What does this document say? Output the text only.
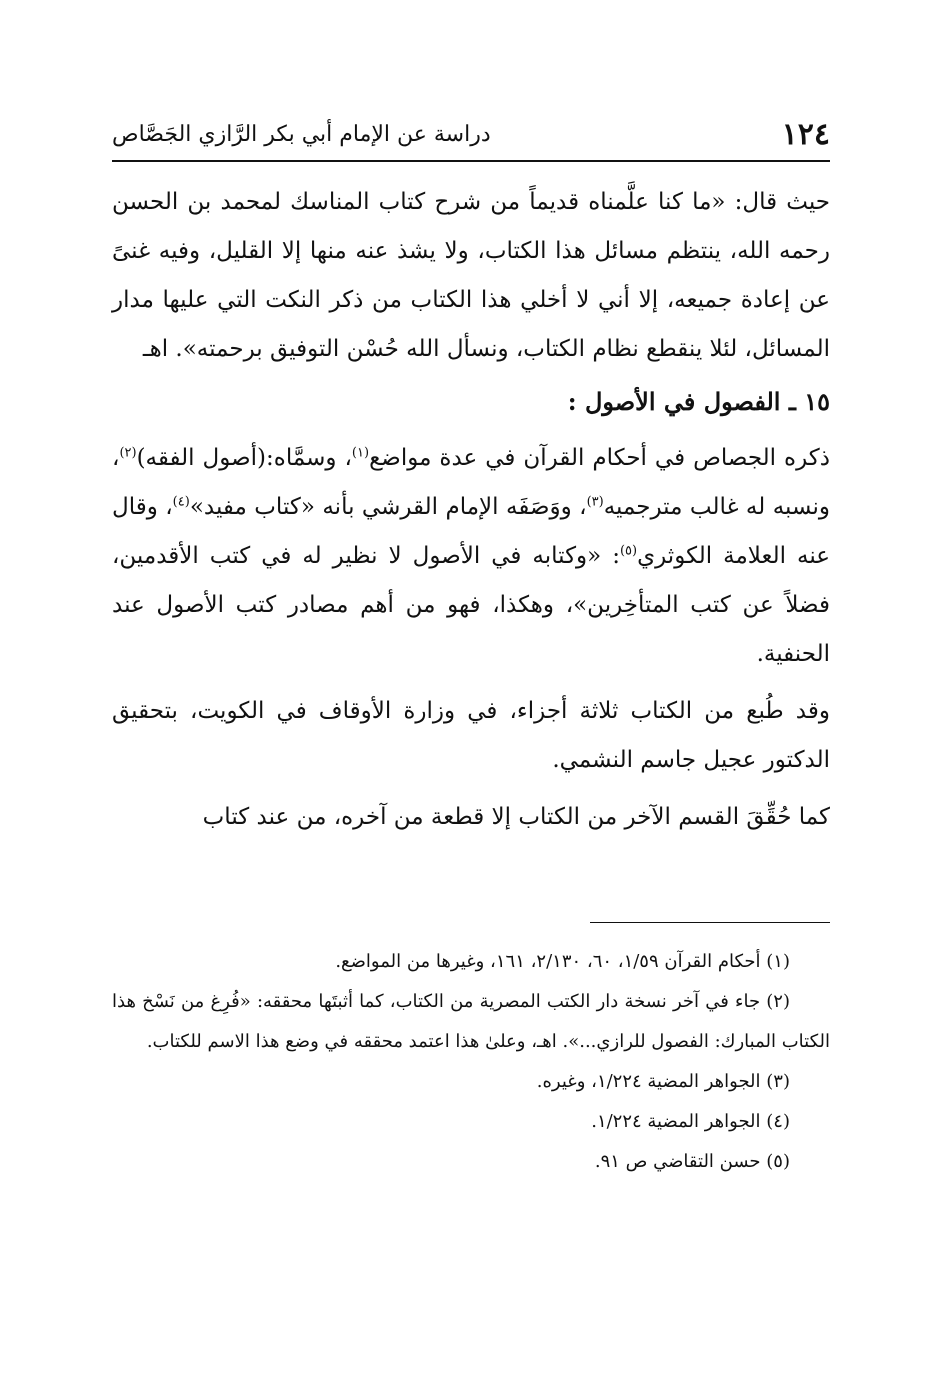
١٢٤
دراسة عن الإمام أبي بكر الرَّازي الجَصَّاص

حيث قال: «ما كنا علَّمناه قديماً من شرح كتاب المناسك لمحمد بن الحسن رحمه الله، ينتظم مسائل هذا الكتاب، ولا يشذ عنه منها إلا القليل، وفيه غنىً عن إعادة جميعه، إلا أني لا أخلي هذا الكتاب من ذكر النكت التي عليها مدار المسائل، لئلا ينقطع نظام الكتاب، ونسأل الله حُسْن التوفيق برحمته». اهـ

١٥ ـ الفصول في الأصول :

ذكره الجصاص في أحكام القرآن في عدة مواضع$^{(١)}$، وسمَّاه:(أصول الفقه)$^{(٢)}$، ونسبه له غالب مترجميه$^{(٣)}$، ووَصَفَه الإمام القرشي بأنه «كتاب مفيد»$^{(٤)}$، وقال عنه العلامة الكوثري$^{(٥)}$: «وكتابه في الأصول لا نظير له في كتب الأقدمين، فضلاً عن كتب المتأخِرين»، وهكذا، فهو من أهم مصادر كتب الأصول عند الحنفية.

وقد طُبع من الكتاب ثلاثة أجزاء، في وزارة الأوقاف في الكويت، بتحقيق الدكتور عجيل جاسم النشمي.

كما حُقِّقَ القسم الآخر من الكتاب إلا قطعة من آخره، من عند كتاب

(١) أحكام القرآن ١/٥٩، ٦٠، ٢/١٣٠، ١٦١، وغيرها من المواضع.

(٢) جاء في آخر نسخة دار الكتب المصرية من الكتاب، كما أثبتَها محققه: «فُرِغ من نَسْخ هذا الكتاب المبارك: الفصول للرازي...». اهـ، وعلىٰ هذا اعتمد محققه في وضع هذا الاسم للكتاب.

(٣) الجواهر المضية ١/٢٢٤، وغيره.

(٤) الجواهر المضية ١/٢٢٤.

(٥) حسن التقاضي ص ٩١.
